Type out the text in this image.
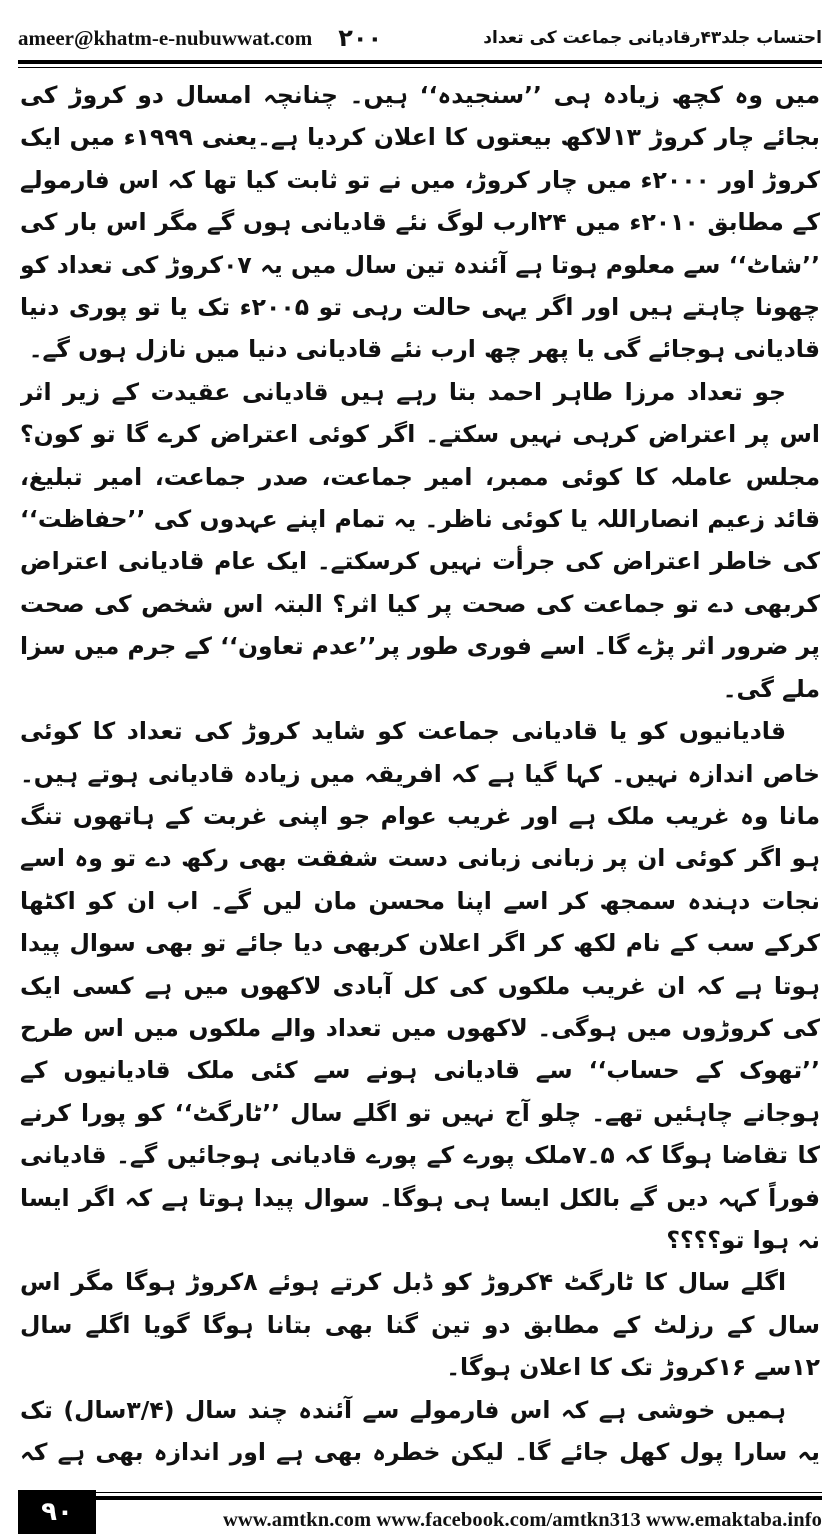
ameer@khatm-e-nubuwwat.com ۲۰۰	احتساب جلد۴۳رقادیانی جماعت کی تعداد

میں وہ کچھ زیادہ ہی ’’سنجیدہ‘‘ ہیں۔ چنانچہ امسال دو کروڑ کی بجائے چار کروڑ ۱۳لاکھ بیعتوں کا اعلان کردیا ہے۔یعنی ۱۹۹۹ء میں ایک کروڑ اور ۲۰۰۰ء میں چار کروڑ، میں نے تو ثابت کیا تھا کہ اس فارمولے کے مطابق ۲۰۱۰ء میں ۲۴ارب لوگ نئے قادیانی ہوں گے مگر اس بار کی ’’شاٹ‘‘ سے معلوم ہوتا ہے آئندہ تین سال میں یہ ۰۷کروڑ کی تعداد کو چھونا چاہتے ہیں اور اگر یہی حالت رہی تو ۲۰۰۵ء تک یا تو پوری دنیا قادیانی ہوجائے گی یا پھر چھ ارب نئے قادیانی دنیا میں نازل ہوں گے۔

جو تعداد مرزا طاہر احمد بتا رہے ہیں قادیانی عقیدت کے زیر اثر اس پر اعتراض کرہی نہیں سکتے۔ اگر کوئی اعتراض کرے گا تو کون؟ مجلس عاملہ کا کوئی ممبر، امیر جماعت، صدر جماعت، امیر تبلیغ، قائد زعیم انصاراللہ یا کوئی ناظر۔ یہ تمام اپنے عہدوں کی ’’حفاظت‘‘ کی خاطر اعتراض کی جرأت نہیں کرسکتے۔ ایک عام قادیانی اعتراض کربھی دے تو جماعت کی صحت پر کیا اثر؟ البتہ اس شخص کی صحت پر ضرور اثر پڑے گا۔ اسے فوری طور پر’’عدم تعاون‘‘ کے جرم میں سزا ملے گی۔

قادیانیوں کو یا قادیانی جماعت کو شاید کروڑ کی تعداد کا کوئی خاص اندازہ نہیں۔ کہا گیا ہے کہ افریقہ میں زیادہ قادیانی ہوتے ہیں۔ مانا وہ غریب ملک ہے اور غریب عوام جو اپنی غربت کے ہاتھوں تنگ ہو اگر کوئی ان پر زبانی زبانی دست شفقت بھی رکھ دے تو وہ اسے نجات دہندہ سمجھ کر اسے اپنا محسن مان لیں گے۔ اب ان کو اکٹھا کرکے سب کے نام لکھ کر اگر اعلان کربھی دیا جائے تو بھی سوال پیدا ہوتا ہے کہ ان غریب ملکوں کی کل آبادی لاکھوں میں ہے کسی ایک کی کروڑوں میں ہوگی۔ لاکھوں میں تعداد والے ملکوں میں اس طرح ’’تھوک کے حساب‘‘ سے قادیانی ہونے سے کئی ملک قادیانیوں کے ہوجانے چاہئیں تھے۔ چلو آج نہیں تو اگلے سال ’’ٹارگٹ‘‘ کو پورا کرنے کا تقاضا ہوگا کہ ۵۔۷ملک پورے کے پورے قادیانی ہوجائیں گے۔ قادیانی فوراً کہہ دیں گے بالکل ایسا ہی ہوگا۔ سوال پیدا ہوتا ہے کہ اگر ایسا نہ ہوا تو؟؟؟؟

اگلے سال کا ٹارگٹ ۴کروڑ کو ڈبل کرتے ہوئے ۸کروڑ ہوگا مگر اس سال کے رزلٹ کے مطابق دو تین گنا بھی بتانا ہوگا گویا اگلے سال ۱۲سے ۱۶کروڑ تک کا اعلان ہوگا۔

ہمیں خوشی ہے کہ اس فارمولے سے آئندہ چند سال (۳/۴سال) تک یہ سارا پول کھل جائے گا۔ لیکن خطرہ بھی ہے اور اندازہ بھی ہے کہ

۹۰	www.amtkn.com www.facebook.com/amtkn313 www.emaktaba.info
